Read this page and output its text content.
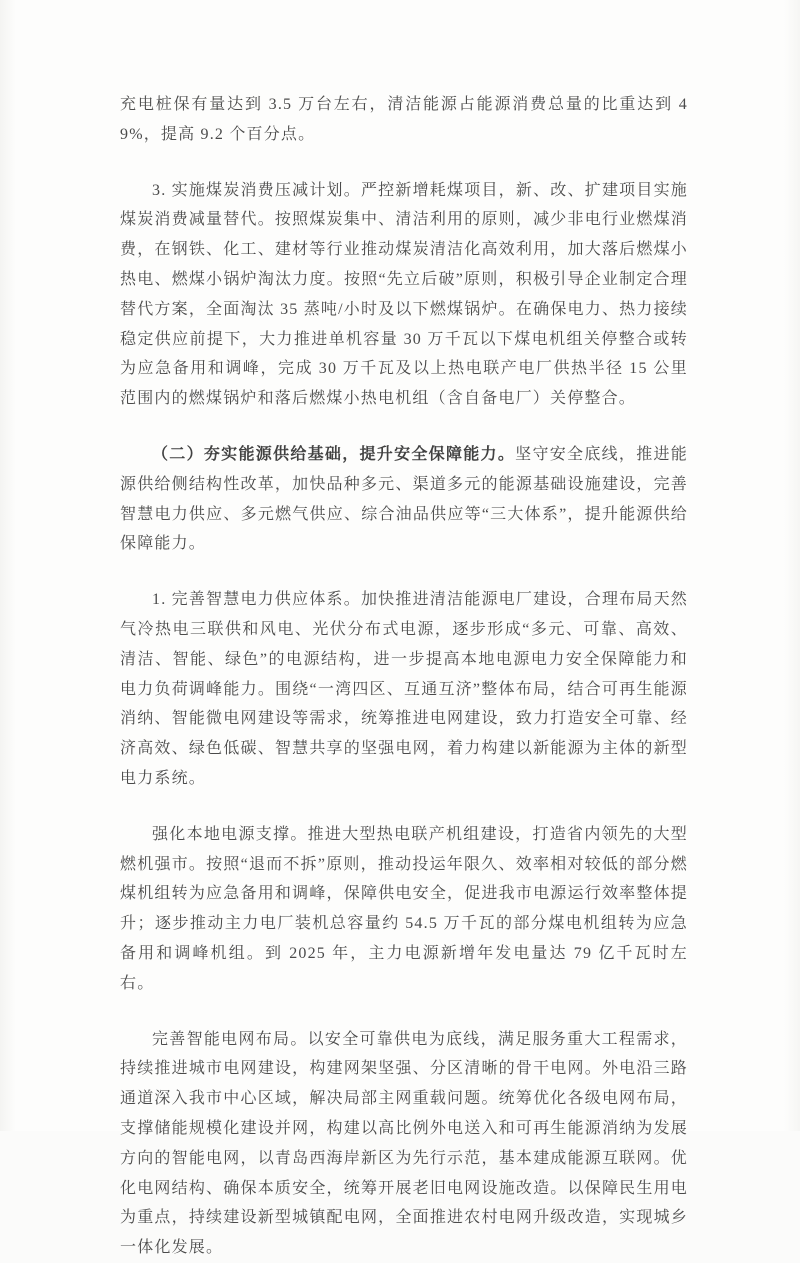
充电桩保有量达到 3.5 万台左右，清洁能源占能源消费总量的比重达到 49%，提高 9.2 个百分点。

3. 实施煤炭消费压减计划。严控新增耗煤项目，新、改、扩建项目实施煤炭消费减量替代。按照煤炭集中、清洁利用的原则，减少非电行业燃煤消费，在钢铁、化工、建材等行业推动煤炭清洁化高效利用，加大落后燃煤小热电、燃煤小锅炉淘汰力度。按照“先立后破”原则，积极引导企业制定合理替代方案，全面淘汰 35 蒸吨/小时及以下燃煤锅炉。在确保电力、热力接续稳定供应前提下，大力推进单机容量 30 万千瓦以下煤电机组关停整合或转为应急备用和调峰，完成 30 万千瓦及以上热电联产电厂供热半径 15 公里范围内的燃煤锅炉和落后燃煤小热电机组（含自备电厂）关停整合。

（二）夯实能源供给基础，提升安全保障能力。坚守安全底线，推进能源供给侧结构性改革，加快品种多元、渠道多元的能源基础设施建设，完善智慧电力供应、多元燃气供应、综合油品供应等“三大体系”，提升能源供给保障能力。

1. 完善智慧电力供应体系。加快推进清洁能源电厂建设，合理布局天然气冷热电三联供和风电、光伏分布式电源，逐步形成“多元、可靠、高效、清洁、智能、绿色”的电源结构，进一步提高本地电源电力安全保障能力和电力负荷调峰能力。围绕“一湾四区、互通互济”整体布局，结合可再生能源消纳、智能微电网建设等需求，统筹推进电网建设，致力打造安全可靠、经济高效、绿色低碳、智慧共享的坚强电网，着力构建以新能源为主体的新型电力系统。

强化本地电源支撑。推进大型热电联产机组建设，打造省内领先的大型燃机强市。按照“退而不拆”原则，推动投运年限久、效率相对较低的部分燃煤机组转为应急备用和调峰，保障供电安全，促进我市电源运行效率整体提升；逐步推动主力电厂装机总容量约 54.5 万千瓦的部分煤电机组转为应急备用和调峰机组。到 2025 年，主力电源新增年发电量达 79 亿千瓦时左右。

完善智能电网布局。以安全可靠供电为底线，满足服务重大工程需求，持续推进城市电网建设，构建网架坚强、分区清晰的骨干电网。外电沿三路通道深入我市中心区域，解决局部主网重载问题。统筹优化各级电网布局，支撑储能规模化建设并网，构建以高比例外电送入和可再生能源消纳为发展方向的智能电网，以青岛西海岸新区为先行示范，基本建成能源互联网。优化电网结构、确保本质安全，统筹开展老旧电网设施改造。以保障民生用电为重点，持续建设新型城镇配电网，全面推进农村电网升级改造，实现城乡一体化发展。
